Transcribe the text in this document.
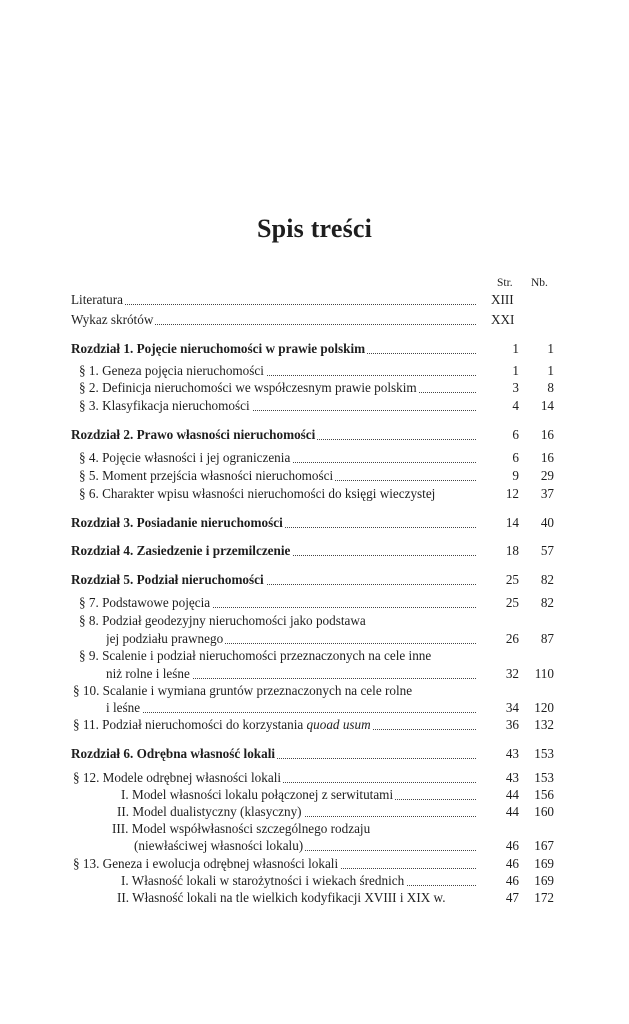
Spis treści
Str. Nb.
Literatura	XIII
Wykaz skrótów	XXI
Rozdział 1. Pojęcie nieruchomości w prawie polskim	1 1
§ 1. Geneza pojęcia nieruchomości	1 1
§ 2. Definicja nieruchomości we współczesnym prawie polskim	3 8
§ 3. Klasyfikacja nieruchomości	4 14
Rozdział 2. Prawo własności nieruchomości	6 16
§ 4. Pojęcie własności i jej ograniczenia	6 16
§ 5. Moment przejścia własności nieruchomości	9 29
§ 6. Charakter wpisu własności nieruchomości do księgi wieczystej	12 37
Rozdział 3. Posiadanie nieruchomości	14 40
Rozdział 4. Zasiedzenie i przemilczenie	18 57
Rozdział 5. Podział nieruchomości	25 82
§ 7. Podstawowe pojęcia	25 82
§ 8. Podział geodezyjny nieruchomości jako podstawa
jej podziału prawnego	26 87
§ 9. Scalenie i podział nieruchomości przeznaczonych na cele inne
niż rolne i leśne	32 110
§ 10. Scalanie i wymiana gruntów przeznaczonych na cele rolne
i leśne	34 120
§ 11. Podział nieruchomości do korzystania quoad usum	36 132
Rozdział 6. Odrębna własność lokali	43 153
§ 12. Modele odrębnej własności lokali	43 153
I. Model własności lokalu połączonej z serwitutami	44 156
II. Model dualistyczny (klasyczny)	44 160
III. Model współwłasności szczególnego rodzaju
(niewłaściwej własności lokalu)	46 167
§ 13. Geneza i ewolucja odrębnej własności lokali	46 169
I. Własność lokali w starożytności i wiekach średnich	46 169
II. Własność lokali na tle wielkich kodyfikacji XVIII i XIX w.	47 172
